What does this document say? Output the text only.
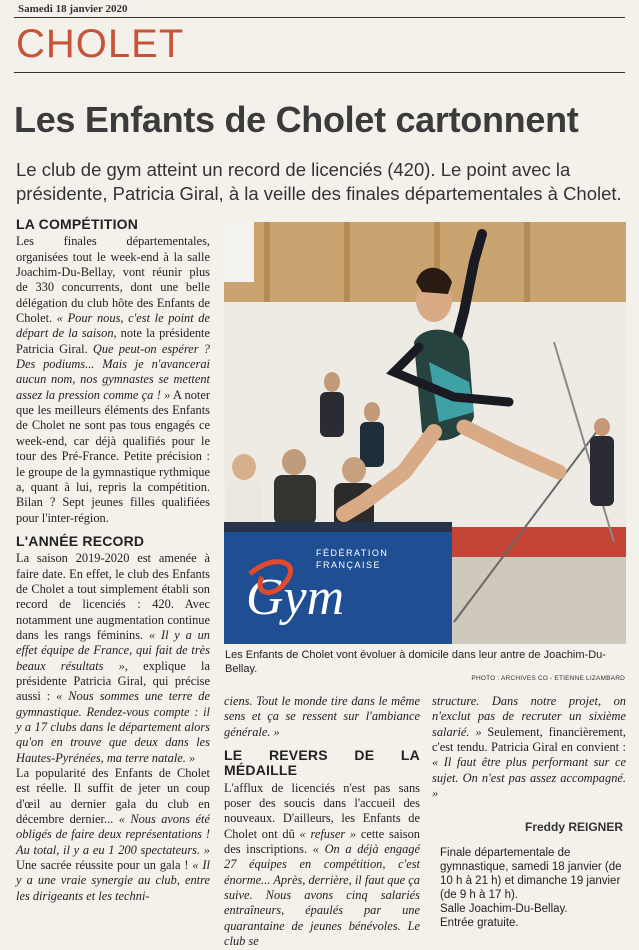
Samedi 18 janvier 2020
CHOLET
Les Enfants de Cholet cartonnent
Le club de gym atteint un record de licenciés (420). Le point avec la présidente, Patricia Giral, à la veille des finales départementales à Cholet.
LA COMPÉTITION

Les finales départementales, organisées tout le week-end à la salle Joachim-Du-Bellay, vont réunir plus de 330 concurrents, dont une belle délégation du club hôte des Enfants de Cholet. « Pour nous, c'est le point de départ de la saison, note la présidente Patricia Giral. Que peut-on espérer ? Des podiums... Mais je n'avancerai aucun nom, nos gymnastes se mettent assez la pression comme ça ! » A noter que les meilleurs éléments des Enfants de Cholet ne sont pas tous engagés ce week-end, car déjà qualifiés pour le tour des Pré-France. Petite précision : le groupe de la gymnastique rythmique a, quant à lui, repris la compétition. Bilan ? Sept jeunes filles qualifiées pour l'inter-région.

L'ANNÉE RECORD

La saison 2019-2020 est amenée à faire date. En effet, le club des Enfants de Cholet a tout simplement établi son record de licenciés : 420. Avec notamment une augmentation continue dans les rangs féminins. « Il y a un effet équipe de France, qui fait de très beaux résultats », explique la présidente Patricia Giral, qui précise aussi : « Nous sommes une terre de gymnastique. Rendez-vous compte : il y a 17 clubs dans le département alors qu'on en trouve que deux dans les Hautes-Pyrénées, ma terre natale. »

La popularité des Enfants de Cholet est réelle. Il suffit de jeter un coup d'œil au dernier gala du club en décembre dernier... « Nous avons été obligés de faire deux représentations ! Au total, il y a eu 1 200 spectateurs. » Une sacrée réussite pour un gala ! « Il y a une vraie synergie au club, entre les dirigeants et les techni-

FÉDÉRATION
FRANÇAISE
Gym
Les Enfants de Cholet vont évoluer à domicile dans leur antre de Joachim-Du-Bellay.
PHOTO : ARCHIVES CO - ETIENNE LIZAMBARD

ciens. Tout le monde tire dans le même sens et ça se ressent sur l'ambiance générale. »

LE REVERS DE LA MÉDAILLE

L'afflux de licenciés n'est pas sans poser des soucis dans l'accueil des nouveaux. D'ailleurs, les Enfants de Cholet ont dû « refuser » cette saison des inscriptions. « On a déjà engagé 27 équipes en compétition, c'est énorme... Après, derrière, il faut que ça suive. Nous avons cinq salariés entraîneurs, épaulés par une quarantaine de jeunes bénévoles. Le club se

structure. Dans notre projet, on n'exclut pas de recruter un sixième salarié. » Seulement, financièrement, c'est tendu. Patricia Giral en convient : « Il faut être plus performant sur ce sujet. On n'est pas assez accompagné. »

Freddy REIGNER

Finale départementale de gymnastique, samedi 18 janvier (de 10 h à 21 h) et dimanche 19 janvier (de 9 h à 17 h).

Salle Joachim-Du-Bellay.

Entrée gratuite.
